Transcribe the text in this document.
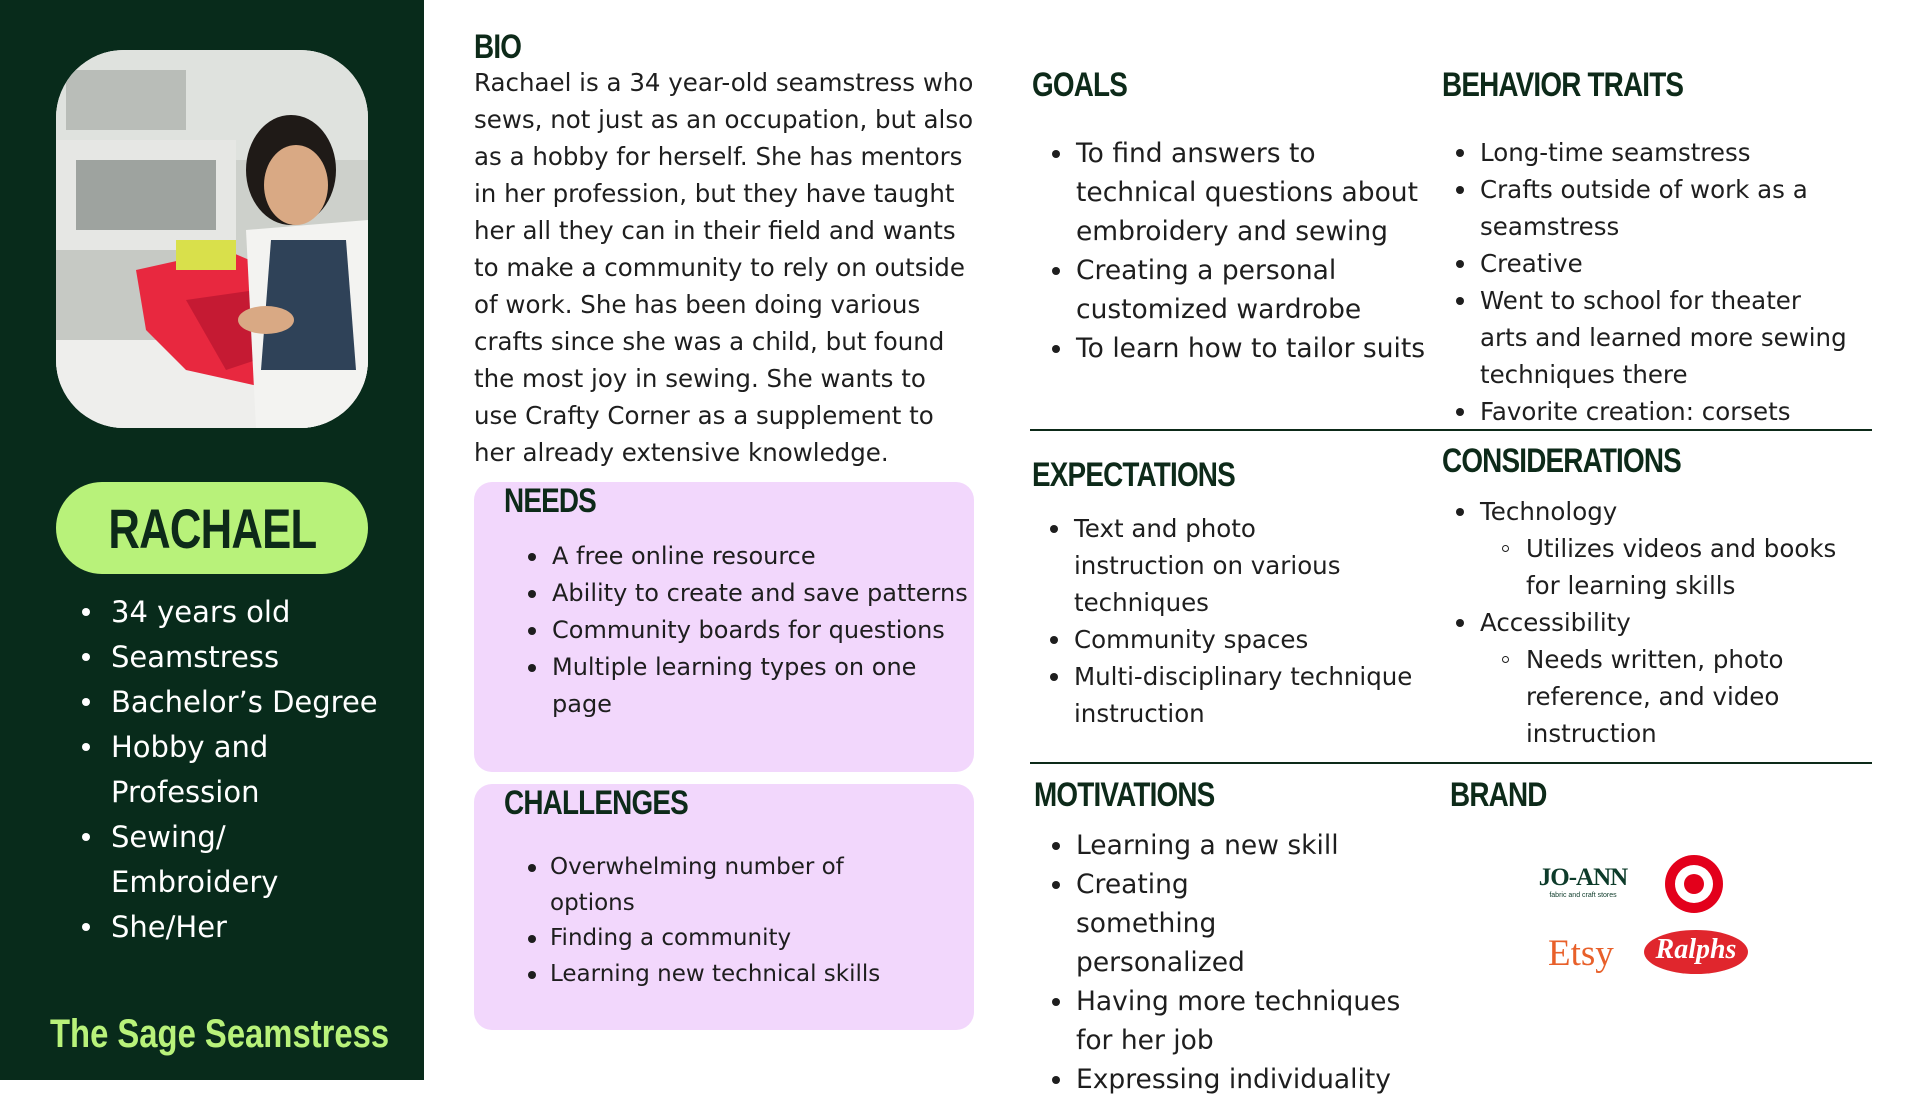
RACHAEL
34 years old
Seamstress
Bachelor’s Degree
Hobby and Profession
Sewing/ Embroidery
She/Her
The Sage Seamstress
BIO

Rachael is a 34 year-old seamstress who sews, not just as an occupation, but also as a hobby for herself. She has mentors in her profession, but they have taught her all they can in their field and wants to make a community to rely on outside of work. She has been doing various crafts since she was a child, but found the most joy in sewing. She wants to use Crafty Corner as a supplement to her already extensive knowledge.

NEEDS
A free online resource
Ability to create and save patterns
Community boards for questions
Multiple learning types on one page
CHALLENGES
Overwhelming number of options
Finding a community
Learning new technical skills
GOALS
To find answers to technical questions about embroidery and sewing
Creating a personal customized wardrobe
To learn how to tailor suits
BEHAVIOR TRAITS
Long-time seamstress
Crafts outside of work as a seamstress
Creative
Went to school for theater arts and learned more sewing techniques there
Favorite creation: corsets
EXPECTATIONS
Text and photo instruction on various techniques
Community spaces
Multi-disciplinary technique instruction
CONSIDERATIONS
Technology
Utilizes videos and books for learning skills
Accessibility
Needs written, photo reference, and video instruction
MOTIVATIONS
Learning a new skill
Creating something personalized
Having more techniques for her job
Expressing individuality
BRAND
JO-ANN
fabric and craft stores
Etsy	Ralphs
